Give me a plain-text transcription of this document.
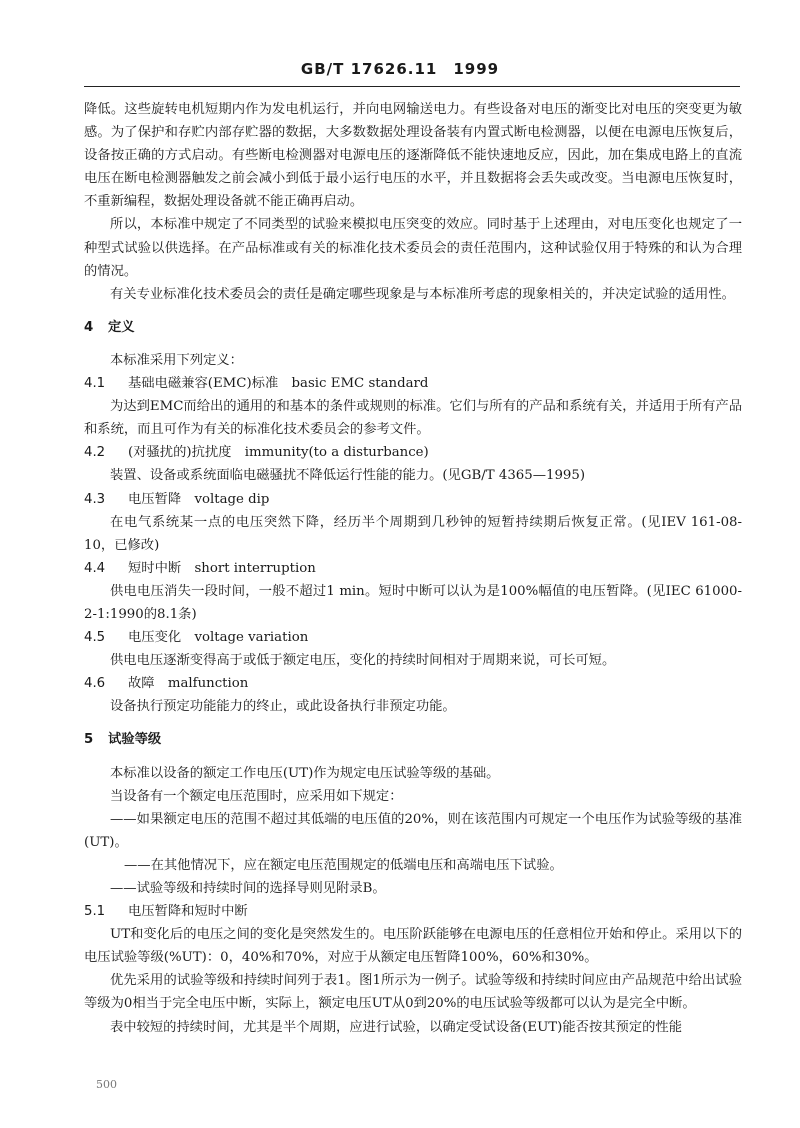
GB/T 17626.11 1999

降低。这些旋转电机短期内作为发电机运行，并向电网输送电力。有些设备对电压的渐变比对电压的突变更为敏感。为了保护和存贮内部存贮器的数据，大多数数据处理设备装有内置式断电检测器，以便在电源电压恢复后，设备按正确的方式启动。有些断电检测器对电源电压的逐渐降低不能快速地反应，因此，加在集成电路上的直流电压在断电检测器触发之前会减小到低于最小运行电压的水平，并且数据将会丢失或改变。当电源电压恢复时，不重新编程，数据处理设备就不能正确再启动。

所以，本标准中规定了不同类型的试验来模拟电压突变的效应。同时基于上述理由，对电压变化也规定了一种型式试验以供选择。在产品标准或有关的标准化技术委员会的责任范围内，这种试验仅用于特殊的和认为合理的情况。

有关专业标准化技术委员会的责任是确定哪些现象是与本标准所考虑的现象相关的，并决定试验的适用性。

4 定义

本标准采用下列定义：

4.1 基础电磁兼容(EMC)标准　basic EMC standard

为达到EMC而给出的通用的和基本的条件或规则的标准。它们与所有的产品和系统有关，并适用于所有产品和系统，而且可作为有关的标准化技术委员会的参考文件。

4.2 (对骚扰的)抗扰度　immunity(to a disturbance)

装置、设备或系统面临电磁骚扰不降低运行性能的能力。(见GB/T 4365—1995)

4.3 电压暂降　voltage dip

在电气系统某一点的电压突然下降，经历半个周期到几秒钟的短暂持续期后恢复正常。(见IEV 161-08-10，已修改)

4.4 短时中断　short interruption

供电电压消失一段时间，一般不超过1 min。短时中断可以认为是100%幅值的电压暂降。(见IEC 61000-2-1:1990的8.1条)

4.5 电压变化　voltage variation

供电电压逐渐变得高于或低于额定电压，变化的持续时间相对于周期来说，可长可短。

4.6 故障　malfunction

设备执行预定功能能力的终止，或此设备执行非预定功能。

5 试验等级

本标准以设备的额定工作电压(UT)作为规定电压试验等级的基础。

当设备有一个额定电压范围时，应采用如下规定：

——如果额定电压的范围不超过其低端的电压值的20%，则在该范围内可规定一个电压作为试验等级的基准(UT)。

——在其他情况下，应在额定电压范围规定的低端电压和高端电压下试验。

——试验等级和持续时间的选择导则见附录B。

5.1 电压暂降和短时中断

UT和变化后的电压之间的变化是突然发生的。电压阶跃能够在电源电压的任意相位开始和停止。采用以下的电压试验等级(%UT)：0，40%和70%，对应于从额定电压暂降100%，60%和30%。

优先采用的试验等级和持续时间列于表1。图1所示为一例子。试验等级和持续时间应由产品规范中给出试验等级为0相当于完全电压中断，实际上，额定电压UT从0到20%的电压试验等级都可以认为是完全中断。

表中较短的持续时间，尤其是半个周期，应进行试验，以确定受试设备(EUT)能否按其预定的性能

500
